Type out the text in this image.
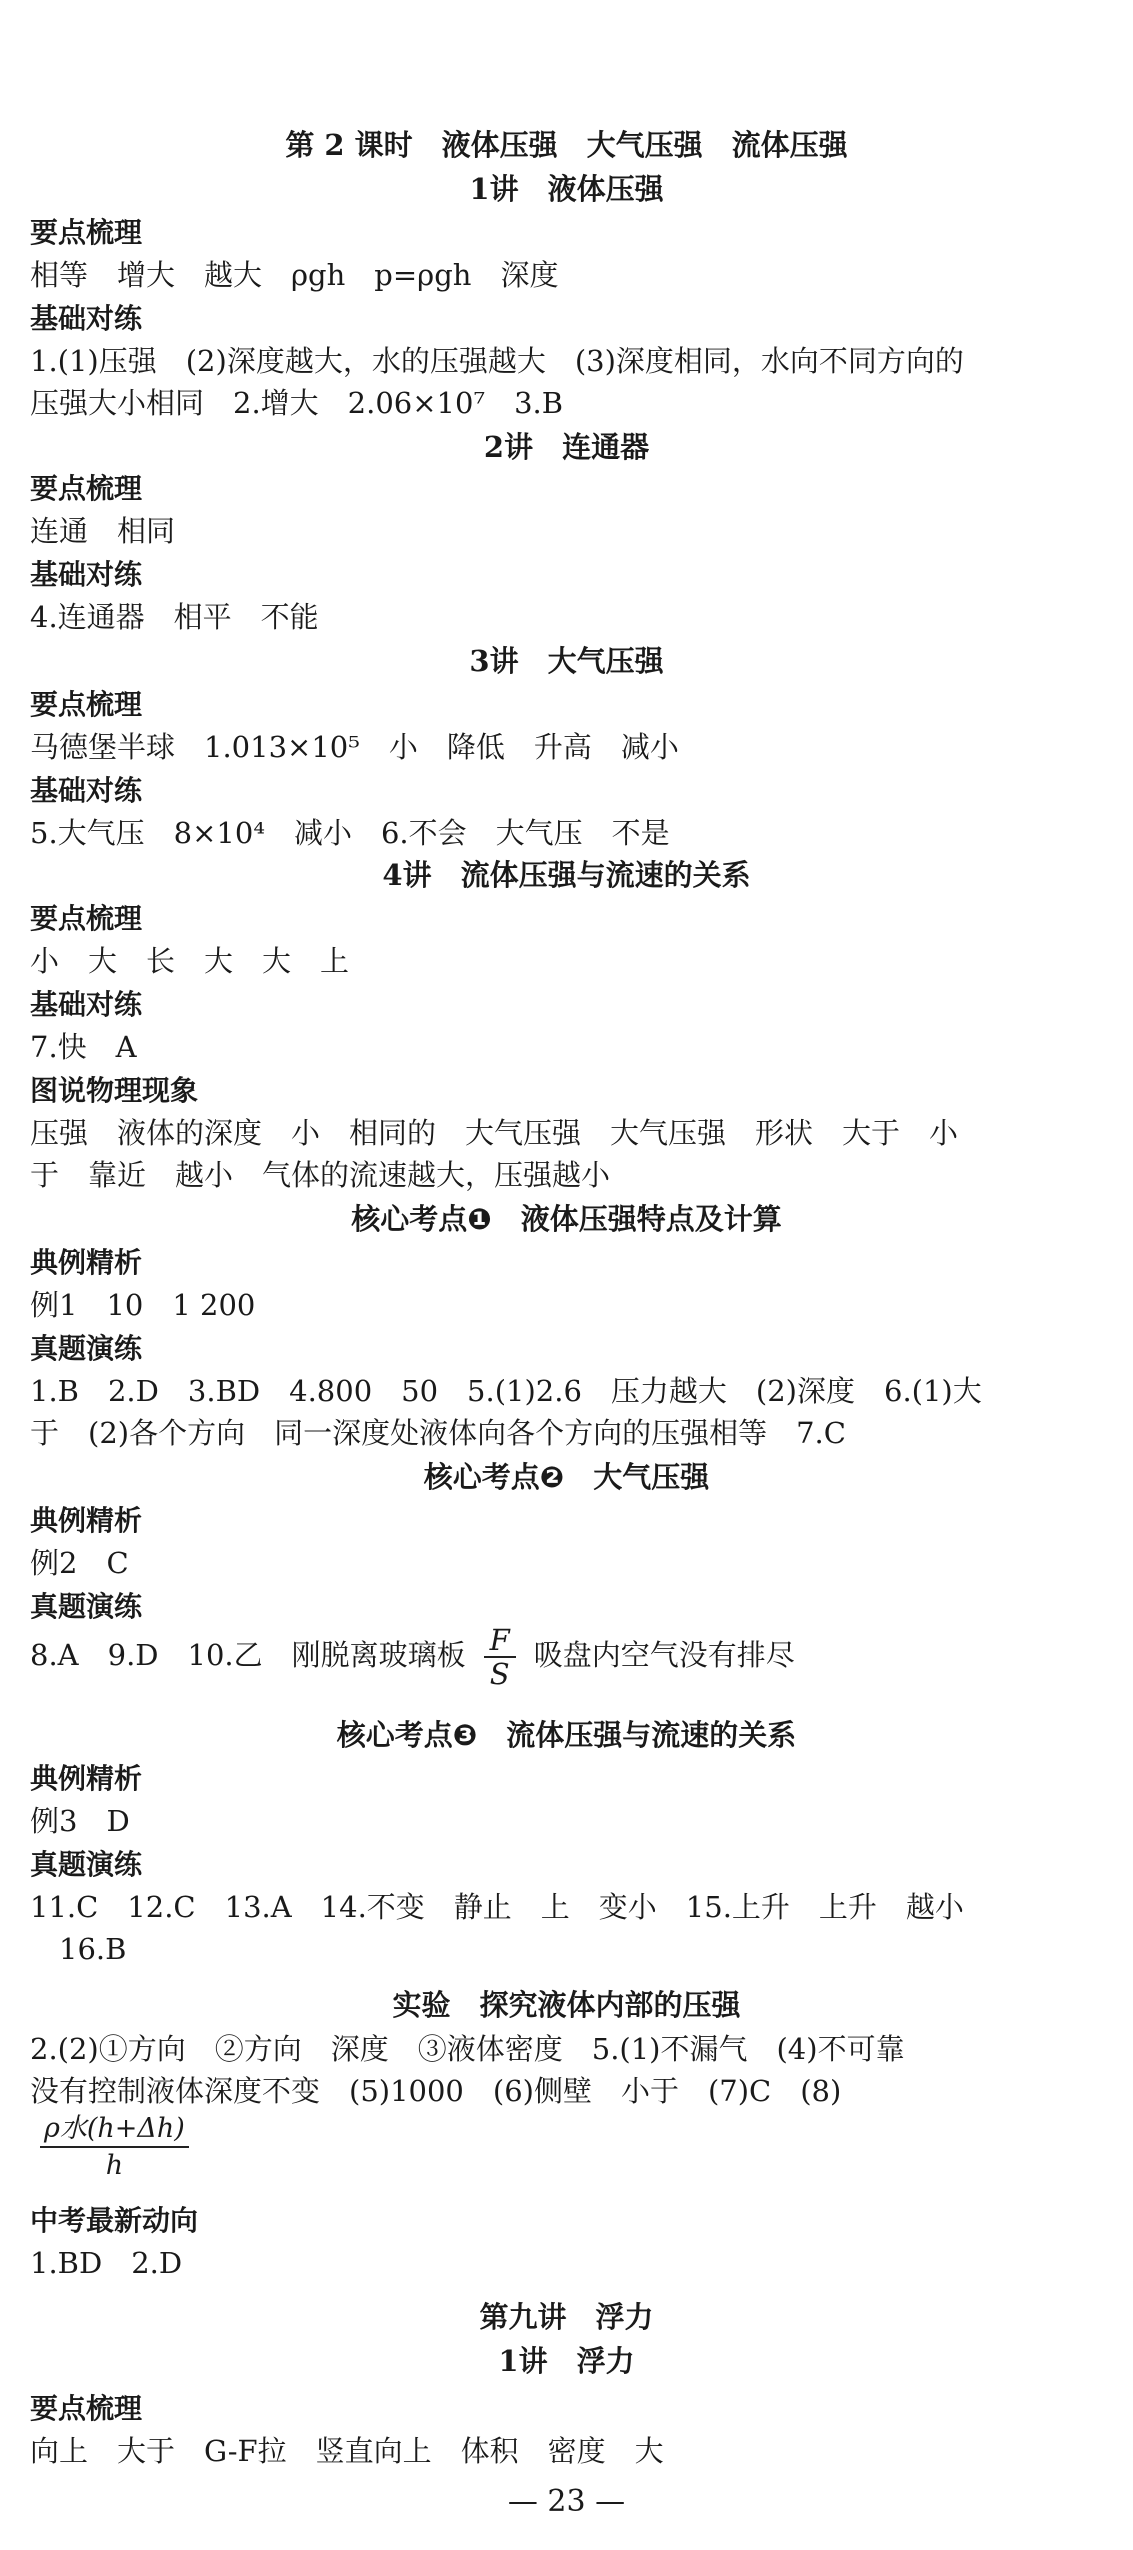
第 2 课时　液体压强　大气压强　流体压强
1讲　液体压强
要点梳理
相等　增大　越大　ρgh　p=ρgh　深度
基础对练
1.(1)压强　(2)深度越大，水的压强越大　(3)深度相同，水向不同方向的
压强大小相同　2.增大　2.06×10⁷　3.B
2讲　连通器
要点梳理
连通　相同
基础对练
4.连通器　相平　不能
3讲　大气压强
要点梳理
马德堡半球　1.013×10⁵　小　降低　升高　减小
基础对练
5.大气压　8×10⁴　减小　6.不会　大气压　不是
4讲　流体压强与流速的关系
要点梳理
小　大　长　大　大　上
基础对练
7.快　A
图说物理现象
压强　液体的深度　小　相同的　大气压强　大气压强　形状　大于　小
于　靠近　越小　气体的流速越大，压强越小
核心考点❶　液体压强特点及计算
典例精析
例1　10　1 200
真题演练
1.B　2.D　3.BD　4.800　50　5.(1)2.6　压力越大　(2)深度　6.(1)大
于　(2)各个方向　同一深度处液体向各个方向的压强相等　7.C
核心考点❷　大气压强
典例精析
例2　C
真题演练
核心考点❸　流体压强与流速的关系
典例精析
例3　D
真题演练
11.C　12.C　13.A　14.不变　静止　上　变小　15.上升　上升　越小
　16.B
实验　探究液体内部的压强
2.(2)①方向　②方向　深度　③液体密度　5.(1)不漏气　(4)不可靠
没有控制液体深度不变　(5)1000　(6)侧壁　小于　(7)C　(8)
中考最新动向
1.BD　2.D
第九讲　浮力
1讲　浮力
要点梳理
向上　大于　G-F拉　竖直向上　体积　密度　大
8.A　9.D　10.乙　刚脱离玻璃板 $\frac{F}{S}$ 吸盘内空气没有排尽
ρ水(h+Δh)
h
— 23 —
